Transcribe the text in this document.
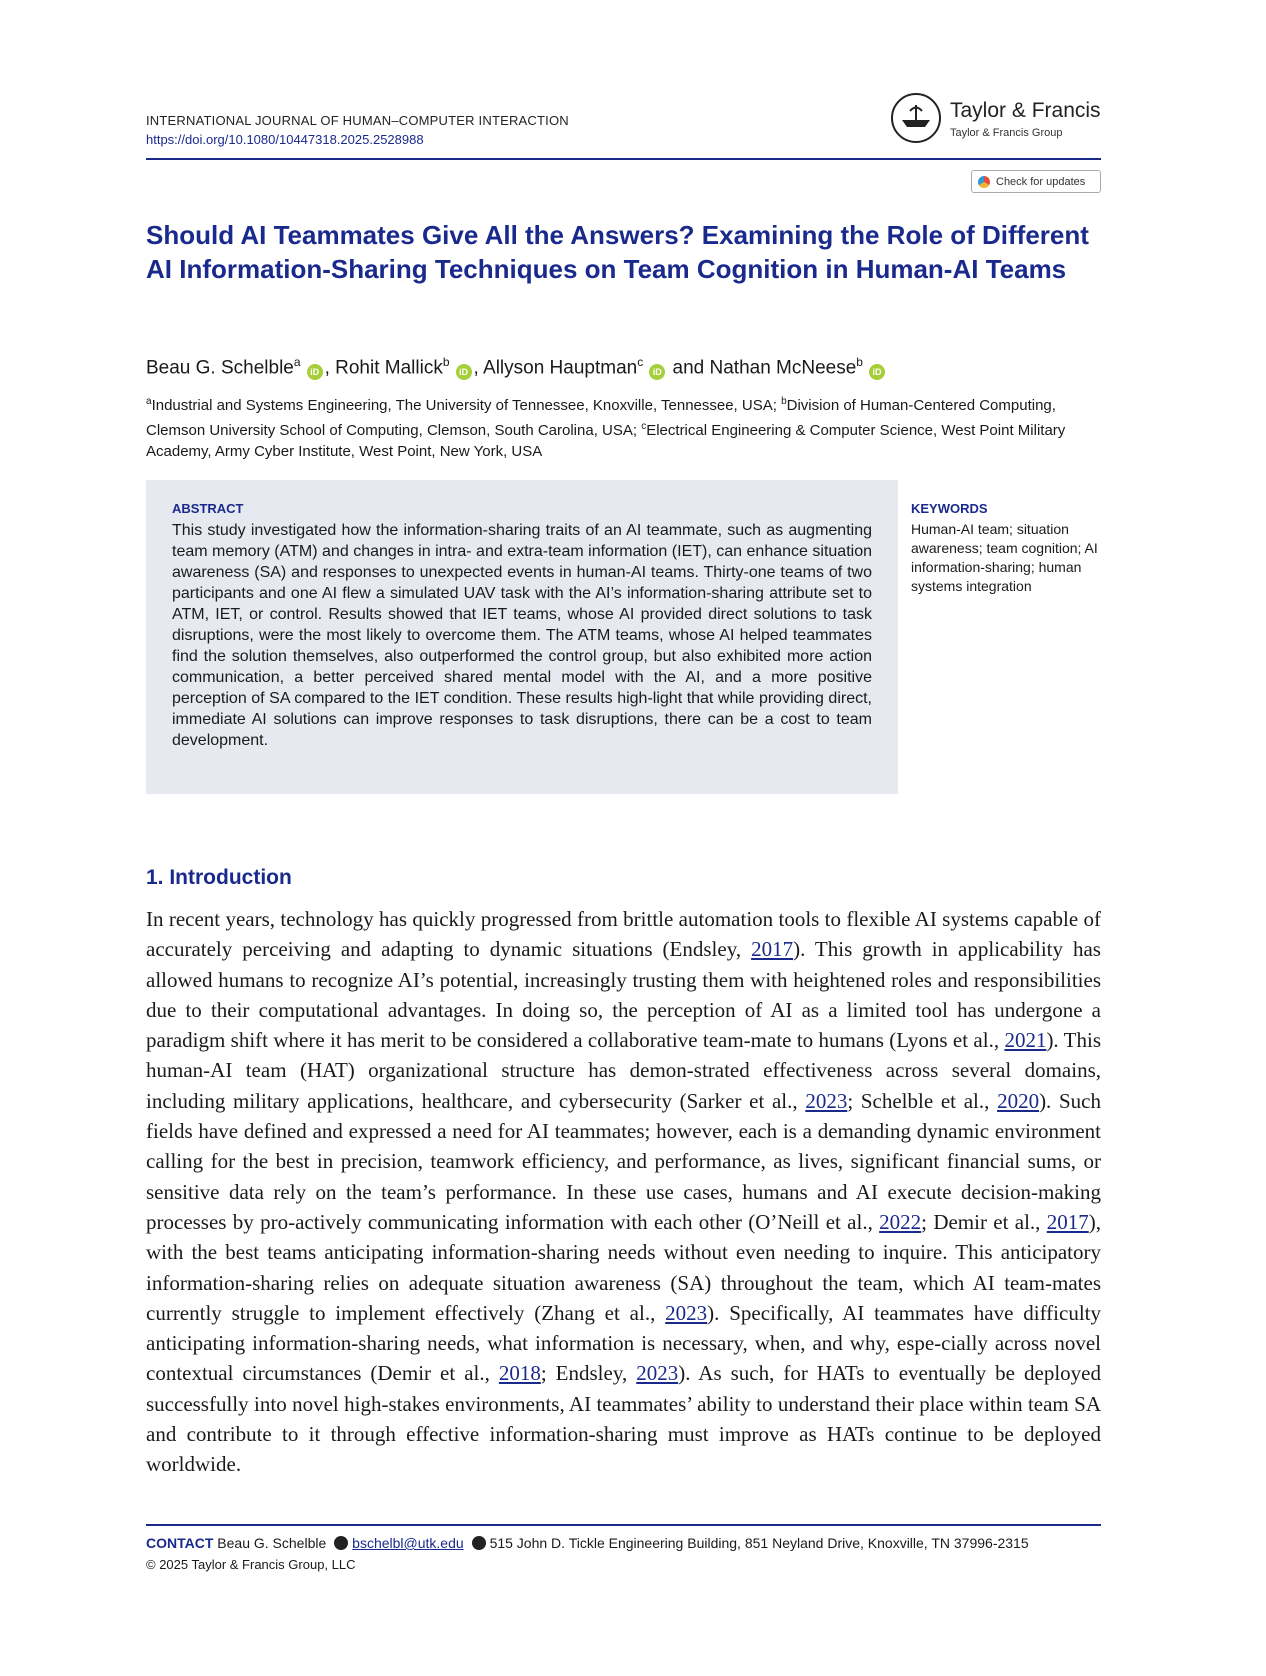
INTERNATIONAL JOURNAL OF HUMAN–COMPUTER INTERACTION
https://doi.org/10.1080/10447318.2025.2528988
Taylor & Francis
Taylor & Francis Group
Check for updates
Should AI Teammates Give All the Answers? Examining the Role of Different AI Information-Sharing Techniques on Team Cognition in Human-AI Teams
Beau G. Schelble$^a$iD , Rohit Mallick$^b$iD , Allyson Hauptman$^c$iD and Nathan McNeese$^b$iD
$^a$Industrial and Systems Engineering, The University of Tennessee, Knoxville, Tennessee, USA; $^b$Division of Human-Centered Computing, Clemson University School of Computing, Clemson, South Carolina, USA; $^c$Electrical Engineering & Computer Science, West Point Military Academy, Army Cyber Institute, West Point, New York, USA
ABSTRACT

This study investigated how the information-sharing traits of an AI teammate, such as augmenting team memory (ATM) and changes in intra- and extra-team information (IET), can enhance situation awareness (SA) and responses to unexpected events in human-AI teams. Thirty-one teams of two participants and one AI flew a simulated UAV task with the AI’s information-sharing attribute set to ATM, IET, or control. Results showed that IET teams, whose AI provided direct solutions to task disruptions, were the most likely to overcome them. The ATM teams, whose AI helped teammates find the solution themselves, also outperformed the control group, but also exhibited more action communication, a better perceived shared mental model with the AI, and a more positive perception of SA compared to the IET condition. These results high-light that while providing direct, immediate AI solutions can improve responses to task disruptions, there can be a cost to team development.

KEYWORDS
Human-AI team; situation awareness; team cognition; AI information-sharing; human systems integration
1. Introduction

In recent years, technology has quickly progressed from brittle automation tools to flexible AI systems capable of accurately perceiving and adapting to dynamic situations (Endsley, 2017). This growth in applicability has allowed humans to recognize AI’s potential, increasingly trusting them with heightened roles and responsibilities due to their computational advantages. In doing so, the perception of AI as a limited tool has undergone a paradigm shift where it has merit to be considered a collaborative team-mate to humans (Lyons et al., 2021). This human-AI team (HAT) organizational structure has demon-strated effectiveness across several domains, including military applications, healthcare, and cybersecurity (Sarker et al., 2023; Schelble et al., 2020). Such fields have defined and expressed a need for AI teammates; however, each is a demanding dynamic environment calling for the best in precision, teamwork efficiency, and performance, as lives, significant financial sums, or sensitive data rely on the team’s performance. In these use cases, humans and AI execute decision-making processes by pro-actively communicating information with each other (O’Neill et al., 2022; Demir et al., 2017), with the best teams anticipating information-sharing needs without even needing to inquire. This anticipatory information-sharing relies on adequate situation awareness (SA) throughout the team, which AI team-mates currently struggle to implement effectively (Zhang et al., 2023). Specifically, AI teammates have difficulty anticipating information-sharing needs, what information is necessary, when, and why, espe-cially across novel contextual circumstances (Demir et al., 2018; Endsley, 2023). As such, for HATs to eventually be deployed successfully into novel high-stakes environments, AI teammates’ ability to understand their place within team SA and contribute to it through effective information-sharing must improve as HATs continue to be deployed worldwide.

CONTACT Beau G. Schelble bschelbl@utk.edu 515 John D. Tickle Engineering Building, 851 Neyland Drive, Knoxville, TN 37996-2315
© 2025 Taylor & Francis Group, LLC
